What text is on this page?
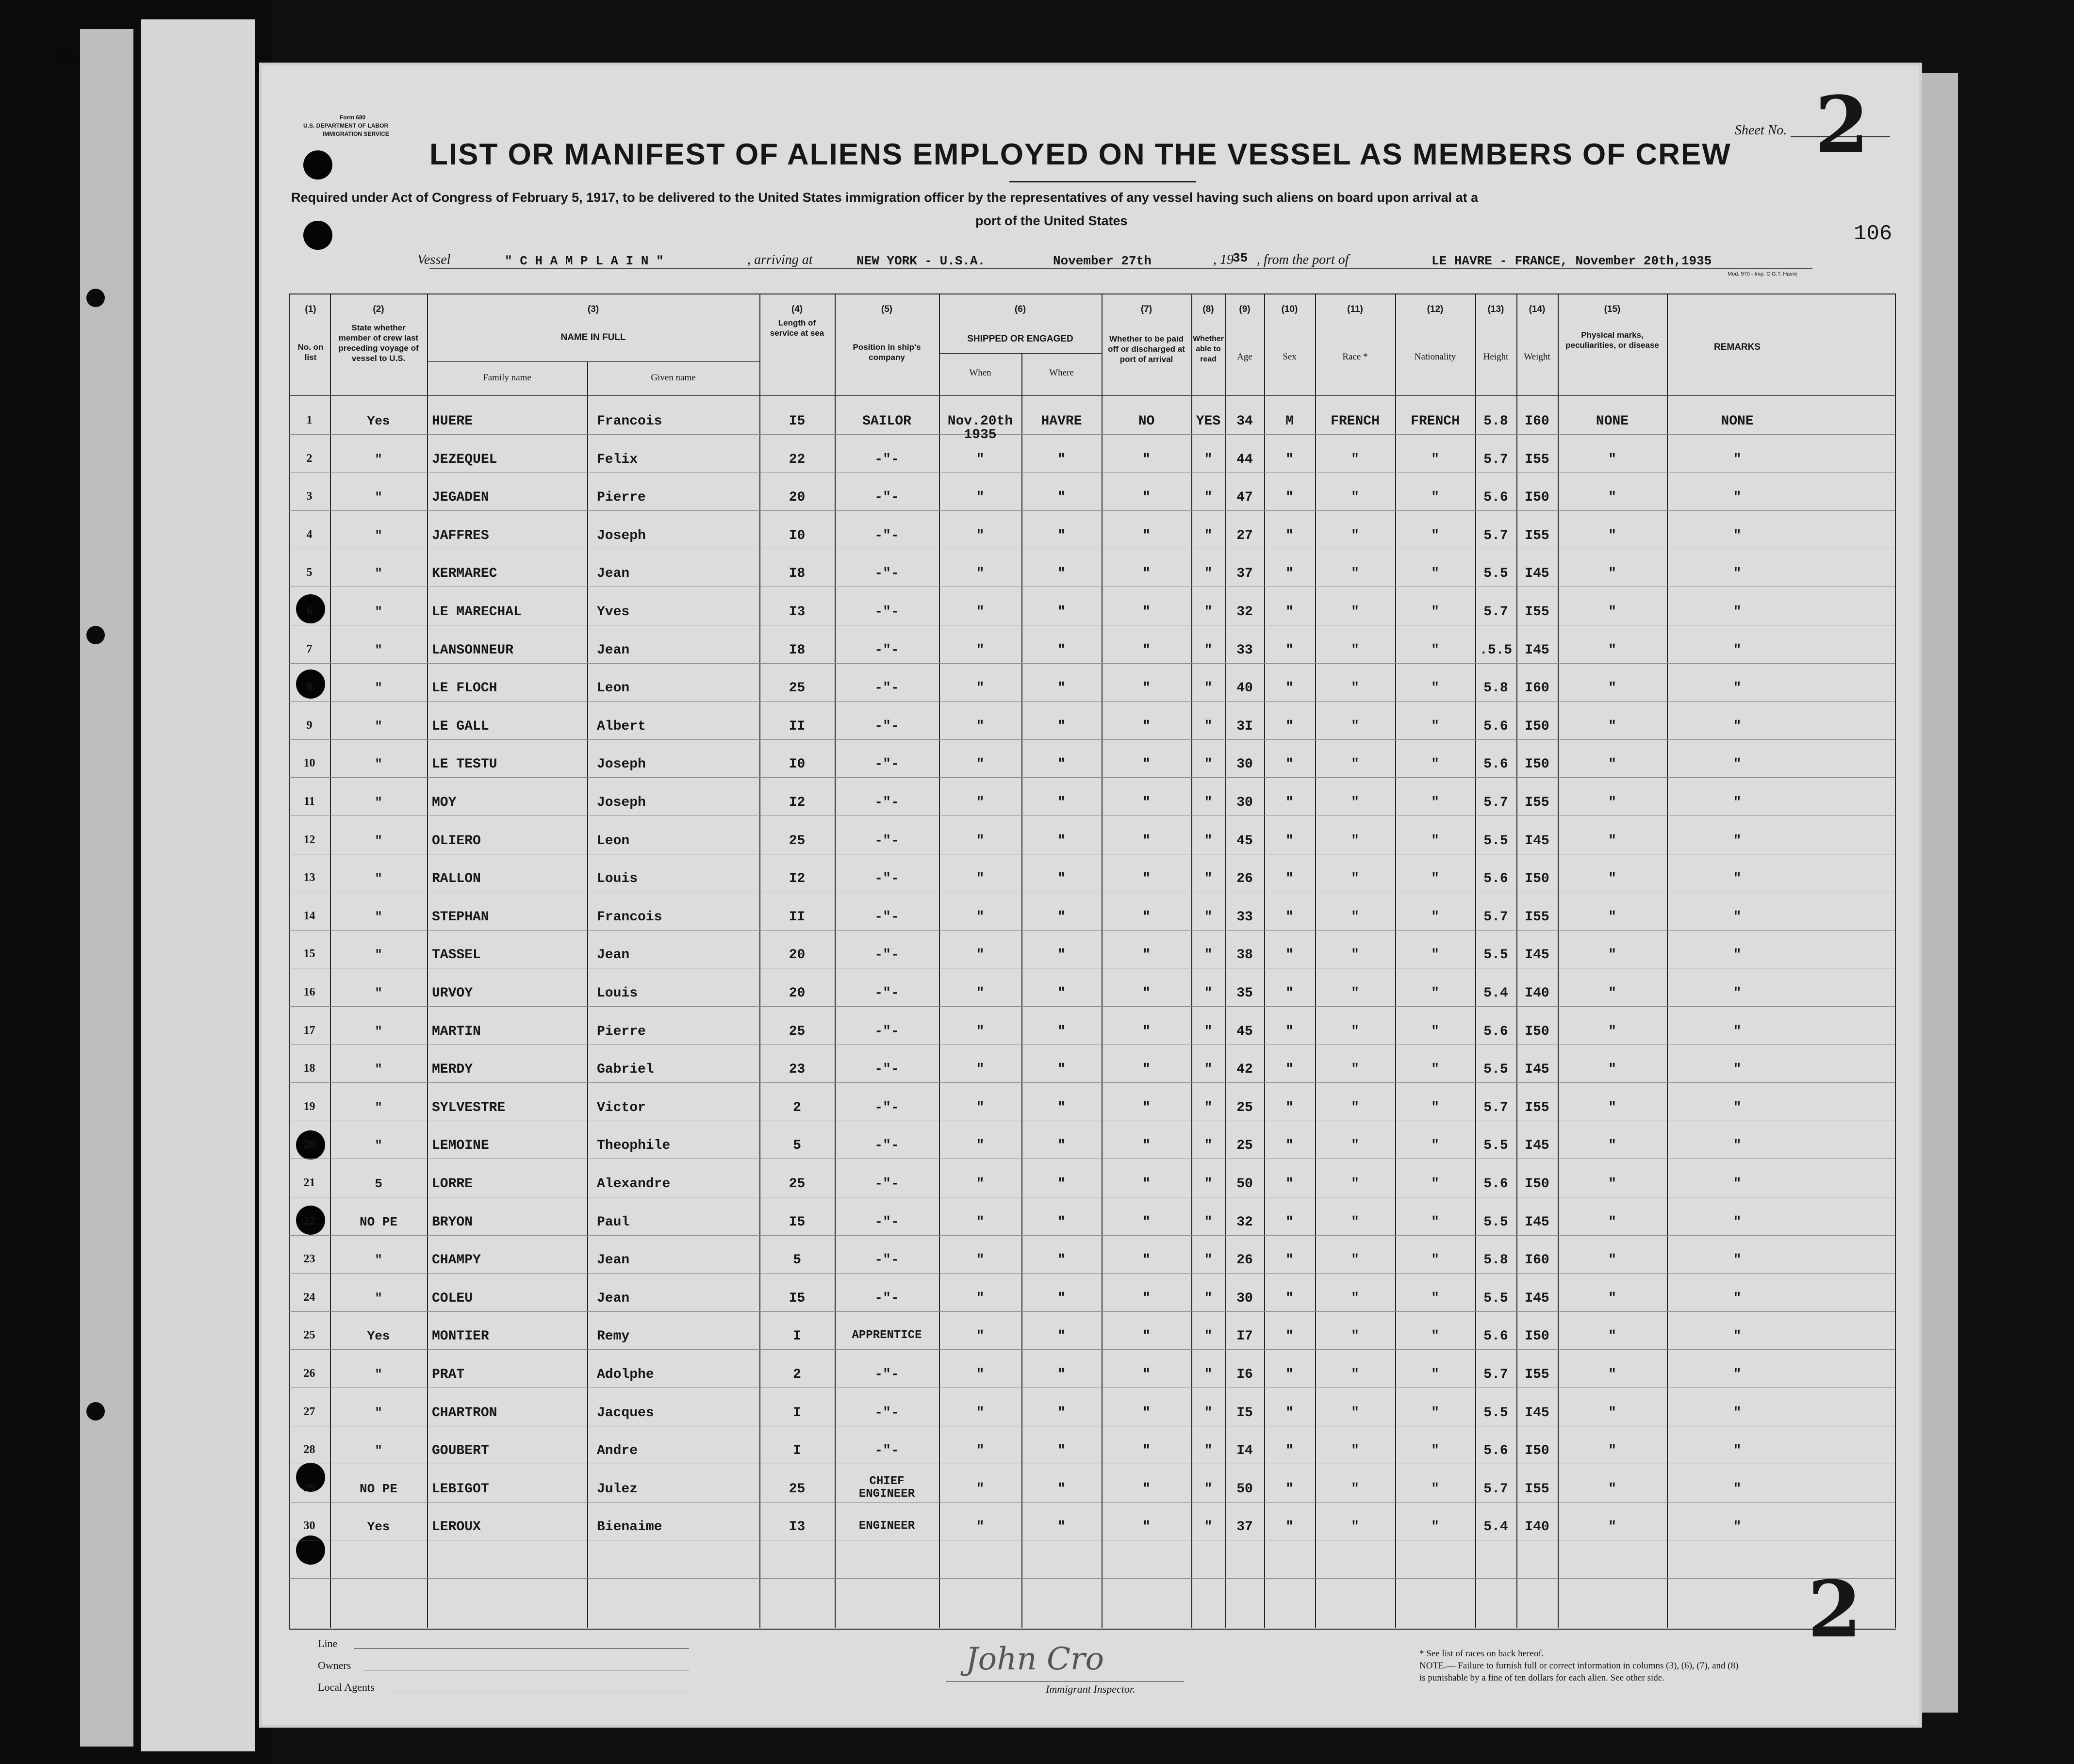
Form 680
U.S. DEPARTMENT OF LABOR
IMMIGRATION SERVICE	Sheet No. 2
LIST OR MANIFEST OF ALIENS EMPLOYED ON THE VESSEL AS MEMBERS OF CREW
Required under Act of Congress of February 5, 1917, to be delivered to the United States immigration officer by the representatives of any vessel having such aliens on board upon arrival at a
port of the United States
106
Vessel	" C H A M P L A I N "	, arriving at	NEW YORK - U.S.A.	November 27th	, 19
35 , from the port of	LE HAVRE - FRANCE, November 20th,1935
Mod. 970 - Imp. C.G.T. Havre
(1)
No. on list
(2)
State whether member of crew last preceding voyage of vessel to U.S.
(3)
NAME IN FULL
Family name	Given name
(4)
Length of service at sea
(5)
Position in ship's company
(6)
SHIPPED OR ENGAGED
When	Where
(7)
Whether to be paid off or discharged at port of arrival
(8)
Whether able to read
(9)
Age
(10)
Sex
(11)
Race *
(12)
Nationality
(13)
Height
(14)
Weight
(15)
Physical marks, peculiarities, or disease	REMARKS
1	Yes	HUERE	Francois	I5	SAILOR	Nov.20th
1935
HAVRE	NO	YES	34	M	FRENCH	FRENCH	5.8	I60	NONE	NONE
2	"	JEZEQUEL	Felix	22	-"-	"	"	"	"	44	"	"	"	5.7	I55	"	"
3	"	JEGADEN	Pierre	20	-"-	"	"	"	"	47	"	"	"	5.6	I50	"	"
4	"	JAFFRES	Joseph	I0	-"-	"	"	"	"	27	"	"	"	5.7	I55	"	"
5	"	KERMAREC	Jean	I8	-"-	"	"	"	"	37	"	"	"	5.5	I45	"	"
6	"	LE MARECHAL	Yves	I3	-"-	"	"	"	"	32	"	"	"	5.7	I55	"	"
7	"	LANSONNEUR	Jean	I8	-"-	"	"	"	"	33	"	"	"	.5.5 I45	"	"
8	"	LE FLOCH	Leon	25	-"-	"	"	"	"	40	"	"	"	5.8	I60	"	"
9	"	LE GALL	Albert	II	-"-	"	"	"	"	3I	"	"	"	5.6	I50	"	"
10	"	LE TESTU	Joseph	I0	-"-	"	"	"	"	30	"	"	"	5.6	I50	"	"
11	"	MOY	Joseph	I2	-"-	"	"	"	"	30	"	"	"	5.7	I55	"	"
12	"	OLIERO	Leon	25	-"-	"	"	"	"	45	"	"	"	5.5	I45	"	"
13	"	RALLON	Louis	I2	-"-	"	"	"	"	26	"	"	"	5.6	I50	"	"
14	"	STEPHAN	Francois	II	-"-	"	"	"	"	33	"	"	"	5.7	I55	"	"
15	"	TASSEL	Jean	20	-"-	"	"	"	"	38	"	"	"	5.5	I45	"	"
16	"	URVOY	Louis	20	-"-	"	"	"	"	35	"	"	"	5.4	I40	"	"
17	"	MARTIN	Pierre	25	-"-	"	"	"	"	45	"	"	"	5.6	I50	"	"
18	"	MERDY	Gabriel	23	-"-	"	"	"	"	42	"	"	"	5.5	I45	"	"
19	"	SYLVESTRE	Victor	2	-"-	"	"	"	"	25	"	"	"	5.7	I55	"	"
20	"	LEMOINE	Theophile	5	-"-	"	"	"	"	25	"	"	"	5.5	I45	"	"
21	5	LORRE	Alexandre	25	-"-	"	"	"	"	50	"	"	"	5.6	I50	"	"
22	NO PE	BRYON	Paul	I5	-"-	"	"	"	"	32	"	"	"	5.5	I45	"	"
23	"	CHAMPY	Jean	5	-"-	"	"	"	"	26	"	"	"	5.8	I60	"	"
24	"	COLEU	Jean	I5	-"-	"	"	"	"	30	"	"	"	5.5	I45	"	"
25	Yes	MONTIER	Remy	I	APPRENTICE	"	"	"	"	I7	"	"	"	5.6	I50	"	"
26	"	PRAT	Adolphe	2	-"-	"	"	"	"	I6	"	"	"	5.7	I55	"	"
27	"	CHARTRON	Jacques	I	-"-	"	"	"	"	I5	"	"	"	5.5	I45	"	"
28	"	GOUBERT	Andre	I	-"-	"	"	"	"	I4	"	"	"	5.6	I50	"	"
29	NO PE	LEBIGOT	Julez	25
CHIEF
ENGINEER	"	"	"	"	50	"	"	"	5.7	I55	"	"
30	Yes	LEROUX	Bienaime	I3	ENGINEER	"	"	"	"	37	"	"	"	5.4	I40	"	"
Line
Owners
Local Agents
John Cro
Immigrant Inspector.
* See list of races on back hereof.
NOTE.— Failure to furnish full or correct information in columns (3), (6), (7), and (8)
is punishable by a fine of ten dollars for each alien. See other side.
2
